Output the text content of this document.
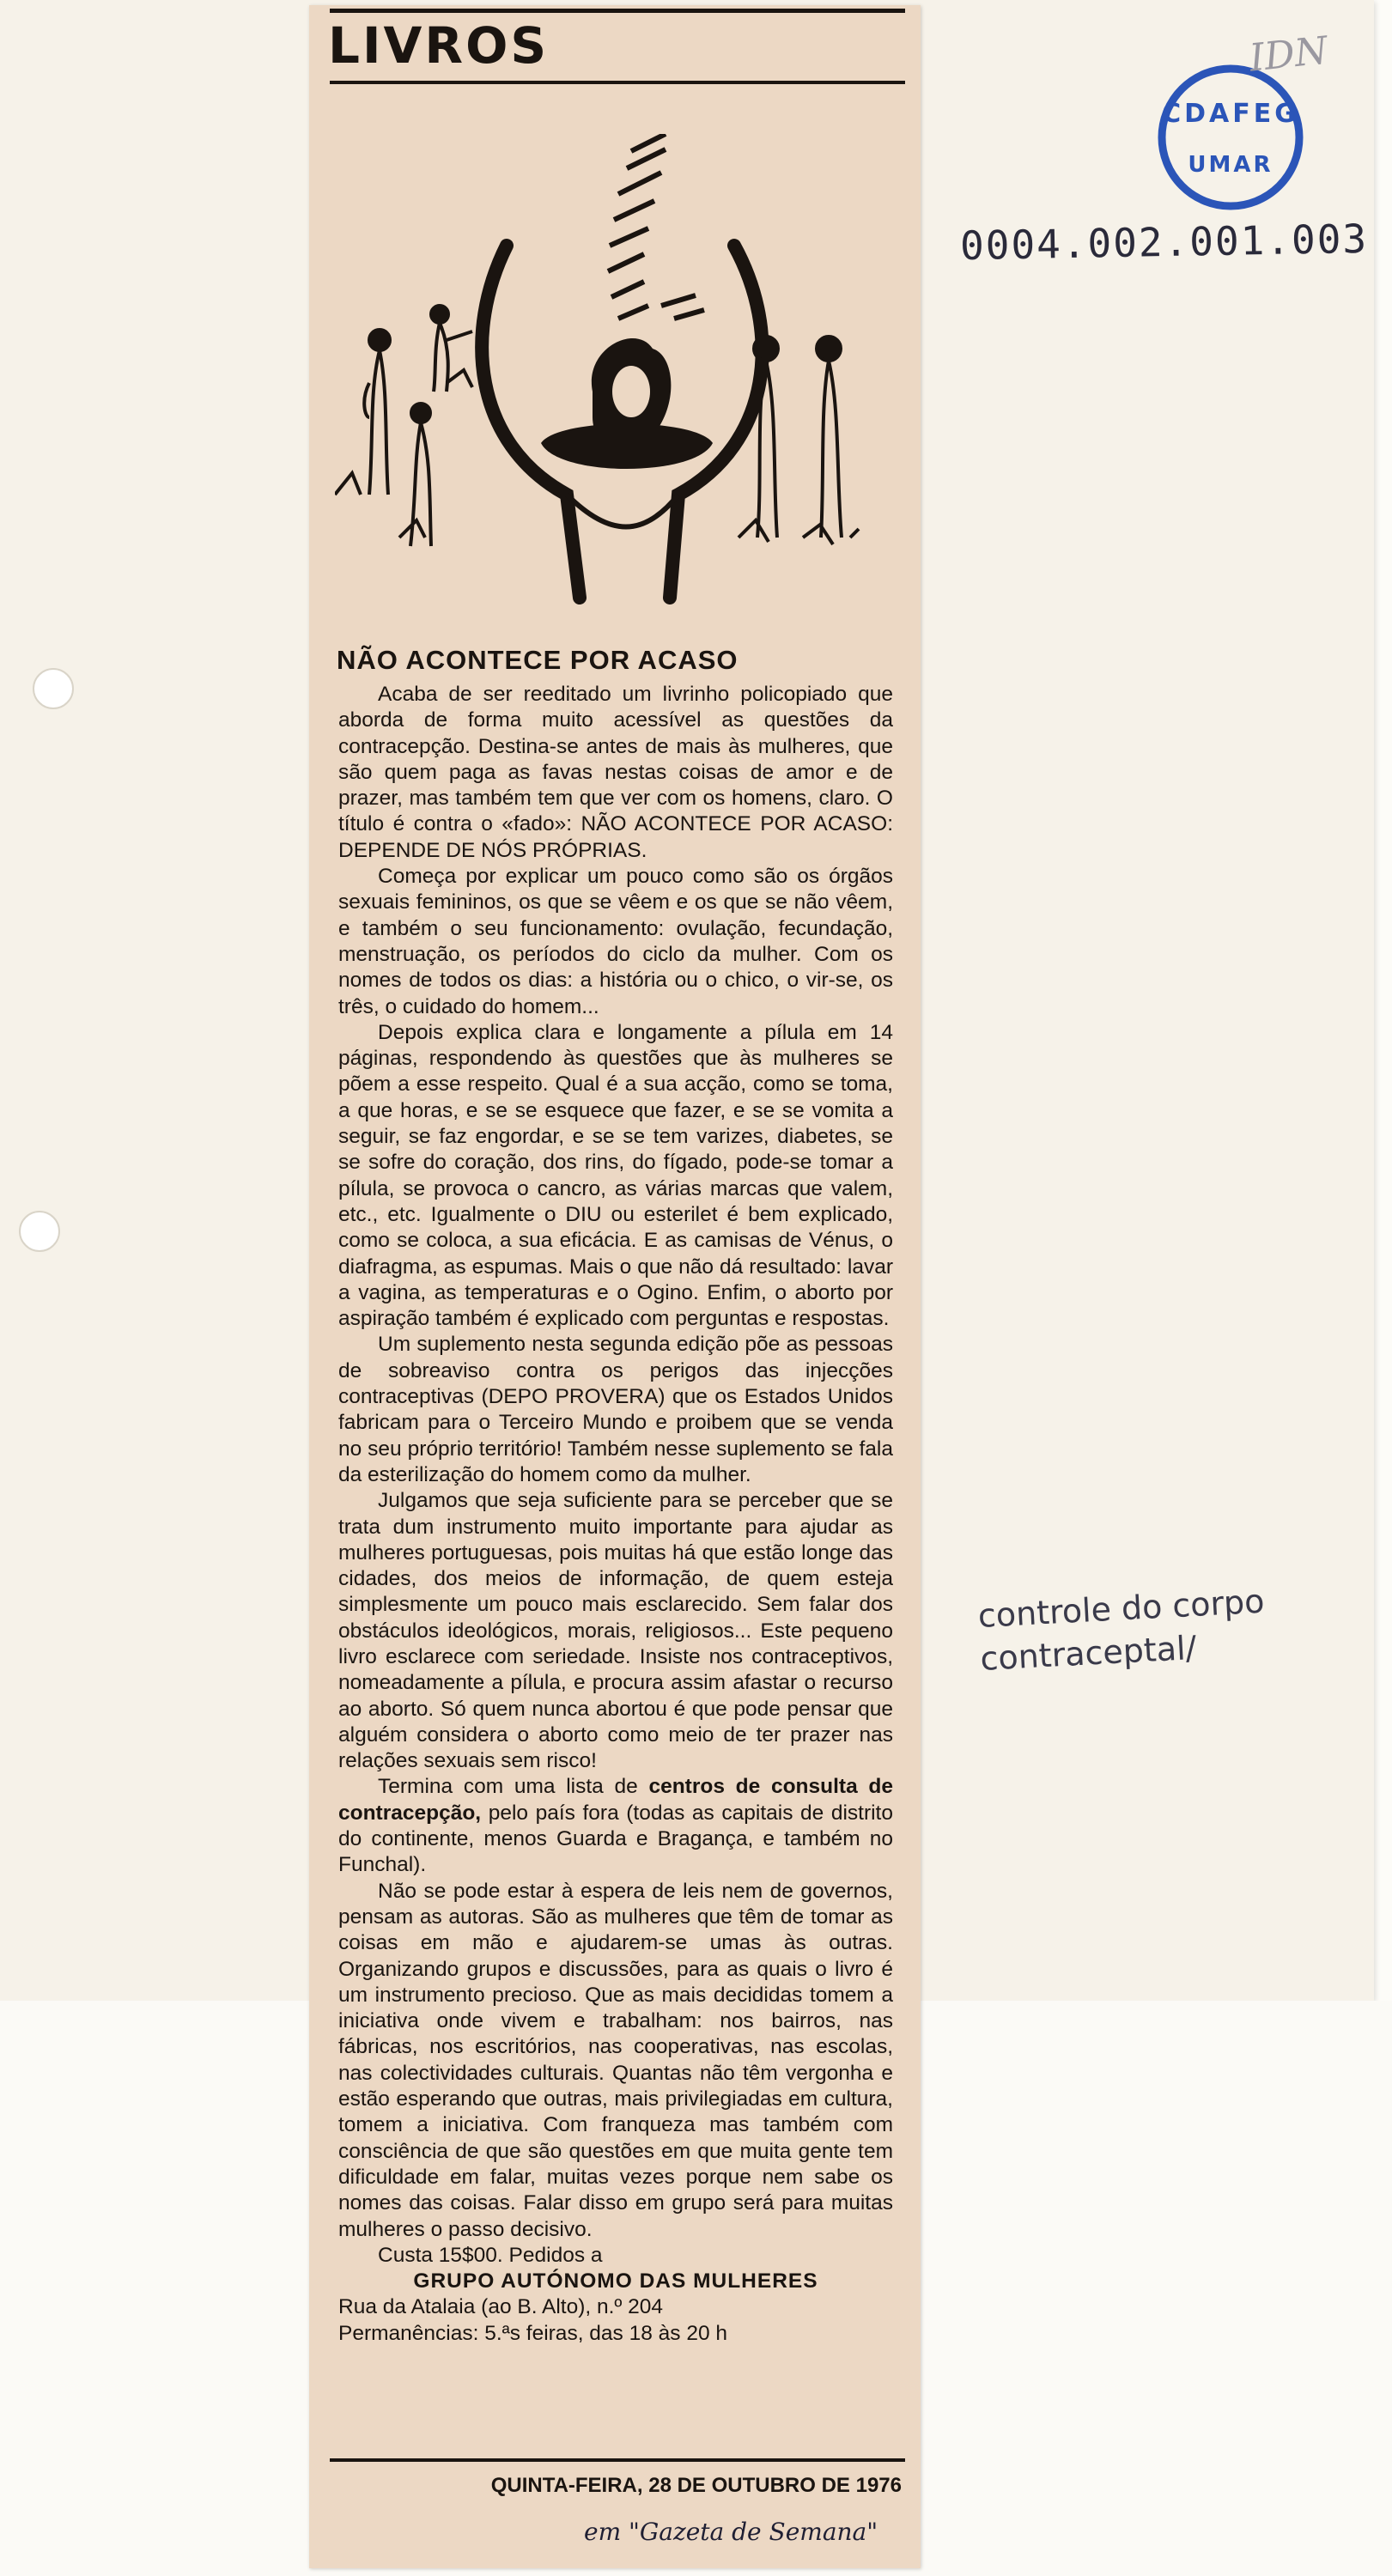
LIVROS
NÃO ACONTECE POR ACASO

Acaba de ser reeditado um livrinho policopiado que aborda de forma muito acessível as questões da contracepção. Destina-se antes de mais às mulheres, que são quem paga as favas nestas coisas de amor e de prazer, mas também tem que ver com os homens, claro. O título é contra o «fado»: NÃO ACONTECE POR ACASO: DEPENDE DE NÓS PRÓPRIAS.

Começa por explicar um pouco como são os órgãos sexuais femininos, os que se vêem e os que se não vêem, e também o seu funcionamento: ovulação, fecundação, menstruação, os períodos do ciclo da mulher. Com os nomes de todos os dias: a história ou o chico, o vir-se, os três, o cuidado do homem...

Depois explica clara e longamente a pílula em 14 páginas, respondendo às questões que às mulheres se põem a esse respeito. Qual é a sua acção, como se toma, a que horas, e se se esquece que fazer, e se se vomita a seguir, se faz engordar, e se se tem varizes, diabetes, se se sofre do coração, dos rins, do fígado, pode-se tomar a pílula, se provoca o cancro, as várias marcas que valem, etc., etc. Igualmente o DIU ou esterilet é bem explicado, como se coloca, a sua eficácia. E as camisas de Vénus, o diafragma, as espumas. Mais o que não dá resultado: lavar a vagina, as temperaturas e o Ogino. Enfim, o aborto por aspiração também é explicado com perguntas e respostas.

Um suplemento nesta segunda edição põe as pessoas de sobreaviso contra os perigos das injecções contraceptivas (DEPO PROVERA) que os Estados Unidos fabricam para o Terceiro Mundo e proibem que se venda no seu próprio território! Também nesse suplemento se fala da esterilização do homem como da mulher.

Julgamos que seja suficiente para se perceber que se trata dum instrumento muito importante para ajudar as mulheres portuguesas, pois muitas há que estão longe das cidades, dos meios de informação, de quem esteja simplesmente um pouco mais esclarecido. Sem falar dos obstáculos ideológicos, morais, religiosos... Este pequeno livro esclarece com seriedade. Insiste nos contraceptivos, nomeadamente a pílula, e procura assim afastar o recurso ao aborto. Só quem nunca abortou é que pode pensar que alguém considera o aborto como meio de ter prazer nas relações sexuais sem risco!

Termina com uma lista de centros de consulta de contracepção, pelo país fora (todas as capitais de distrito do continente, menos Guarda e Bragança, e também no Funchal).

Não se pode estar à espera de leis nem de governos, pensam as autoras. São as mulheres que têm de tomar as coisas em mão e ajudarem-se umas às outras. Organizando grupos e discussões, para as quais o livro é um instrumento precioso. Que as mais decididas tomem a iniciativa onde vivem e trabalham: nos bairros, nas fábricas, nos escritórios, nas cooperativas, nas escolas, nas colectividades culturais. Quantas não têm vergonha e estão esperando que outras, mais privilegiadas em cultura, tomem a iniciativa. Com franqueza mas também com consciência de que são questões em que muita gente tem dificuldade em falar, muitas vezes porque nem sabe os nomes das coisas. Falar disso em grupo será para muitas mulheres o passo decisivo.

Custa 15$00. Pedidos a

GRUPO AUTÓNOMO DAS MULHERES

Rua da Atalaia (ao B. Alto), n.º 204

Permanências: 5.ªs feiras, das 18 às 20 h

QUINTA-FEIRA, 28 DE OUTUBRO DE 1976
em "Gazeta de Semana"
CDAFEG
UMAR
IDN
0004.002.001.003
controle do corpo
contraceptal/
